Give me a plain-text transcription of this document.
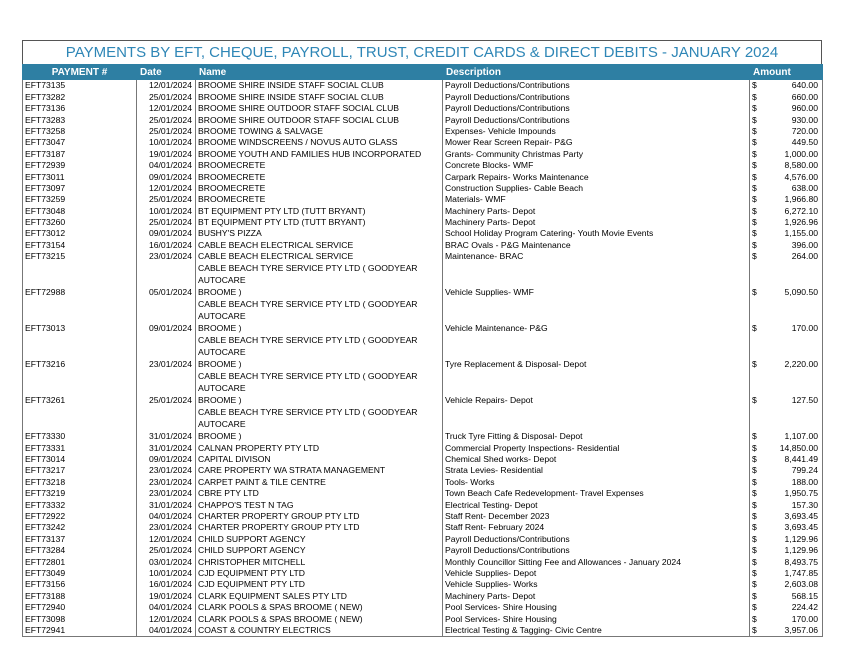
PAYMENTS BY EFT, CHEQUE, PAYROLL, TRUST, CREDIT CARDS & DIRECT DEBITS - JANUARY 2024
PAYMENT #	Date	Name	Description	Amount	
EFT73135	12/01/2024	BROOME SHIRE INSIDE STAFF SOCIAL CLUB	Payroll Deductions/Contributions	$	640.00
EFT73282	25/01/2024	BROOME SHIRE INSIDE STAFF SOCIAL CLUB	Payroll Deductions/Contributions	$	660.00
EFT73136	12/01/2024	BROOME SHIRE OUTDOOR STAFF SOCIAL CLUB	Payroll Deductions/Contributions	$	960.00
EFT73283	25/01/2024	BROOME SHIRE OUTDOOR STAFF SOCIAL CLUB	Payroll Deductions/Contributions	$	930.00
EFT73258	25/01/2024	BROOME TOWING & SALVAGE	Expenses- Vehicle Impounds	$	720.00
EFT73047	10/01/2024	BROOME WINDSCREENS / NOVUS AUTO GLASS	Mower Rear Screen Repair- P&G	$	449.50
EFT73187	19/01/2024	BROOME YOUTH AND FAMILIES HUB INCORPORATED	Grants- Community Christmas Party	$	1,000.00
EFT72939	04/01/2024	BROOMECRETE	Concrete Blocks- WMF	$	8,580.00
EFT73011	09/01/2024	BROOMECRETE	Carpark Repairs- Works Maintenance	$	4,576.00
EFT73097	12/01/2024	BROOMECRETE	Construction Supplies- Cable Beach	$	638.00
EFT73259	25/01/2024	BROOMECRETE	Materials- WMF	$	1,966.80
EFT73048	10/01/2024	BT EQUIPMENT PTY LTD (TUTT BRYANT)	Machinery Parts- Depot	$	6,272.10
EFT73260	25/01/2024	BT EQUIPMENT PTY LTD (TUTT BRYANT)	Machinery Parts- Depot	$	1,926.96
EFT73012	09/01/2024	BUSHY'S PIZZA	School Holiday Program Catering- Youth Movie Events	$	1,155.00
EFT73154	16/01/2024	CABLE BEACH ELECTRICAL SERVICE	BRAC Ovals - P&G Maintenance	$	396.00
EFT73215	23/01/2024	CABLE BEACH ELECTRICAL SERVICE	Maintenance- BRAC	$	264.00
EFT72988	05/01/2024	CABLE BEACH TYRE SERVICE PTY LTD ( GOODYEAR AUTOCARE
BROOME )	Vehicle Supplies- WMF	$	5,090.50
EFT73013	09/01/2024	CABLE BEACH TYRE SERVICE PTY LTD ( GOODYEAR AUTOCARE
BROOME )	Vehicle Maintenance- P&G	$	170.00
EFT73216	23/01/2024	CABLE BEACH TYRE SERVICE PTY LTD ( GOODYEAR AUTOCARE
BROOME )	Tyre Replacement & Disposal- Depot	$	2,220.00
EFT73261	25/01/2024	CABLE BEACH TYRE SERVICE PTY LTD ( GOODYEAR AUTOCARE
BROOME )	Vehicle Repairs- Depot	$	127.50
EFT73330	31/01/2024	CABLE BEACH TYRE SERVICE PTY LTD ( GOODYEAR AUTOCARE
BROOME )	Truck Tyre Fitting & Disposal- Depot	$	1,107.00
EFT73331	31/01/2024	CALNAN PROPERTY PTY LTD	Commercial Property Inspections- Residential	$	14,850.00
EFT73014	09/01/2024	CAPITAL DIVISON	Chemical Shed works- Depot	$	8,441.49
EFT73217	23/01/2024	CARE PROPERTY WA STRATA MANAGEMENT	Strata Levies- Residential	$	799.24
EFT73218	23/01/2024	CARPET PAINT & TILE CENTRE	Tools- Works	$	188.00
EFT73219	23/01/2024	CBRE PTY LTD	Town Beach Cafe Redevelopment- Travel Expenses	$	1,950.75
EFT73332	31/01/2024	CHAPPO'S TEST N TAG	Electrical Testing- Depot	$	157.30
EFT72922	04/01/2024	CHARTER PROPERTY GROUP PTY LTD	Staff Rent- December 2023	$	3,693.45
EFT73242	23/01/2024	CHARTER PROPERTY GROUP PTY LTD	Staff Rent- February 2024	$	3,693.45
EFT73137	12/01/2024	CHILD SUPPORT AGENCY	Payroll Deductions/Contributions	$	1,129.96
EFT73284	25/01/2024	CHILD SUPPORT AGENCY	Payroll Deductions/Contributions	$	1,129.96
EFT72801	03/01/2024	CHRISTOPHER MITCHELL	Monthly Councillor Sitting Fee and Allowances - January 2024	$	8,493.75
EFT73049	10/01/2024	CJD EQUIPMENT PTY LTD	Vehicle Supplies- Depot	$	1,747.85
EFT73156	16/01/2024	CJD EQUIPMENT PTY LTD	Vehicle Supplies- Works	$	2,603.08
EFT73188	19/01/2024	CLARK EQUIPMENT SALES PTY LTD	Machinery Parts- Depot	$	568.15
EFT72940	04/01/2024	CLARK POOLS & SPAS BROOME ( NEW)	Pool Services- Shire Housing	$	224.42
EFT73098	12/01/2024	CLARK POOLS & SPAS BROOME ( NEW)	Pool Services- Shire Housing	$	170.00
EFT72941	04/01/2024	COAST & COUNTRY ELECTRICS	Electrical Testing & Tagging- Civic Centre	$	3,957.06
